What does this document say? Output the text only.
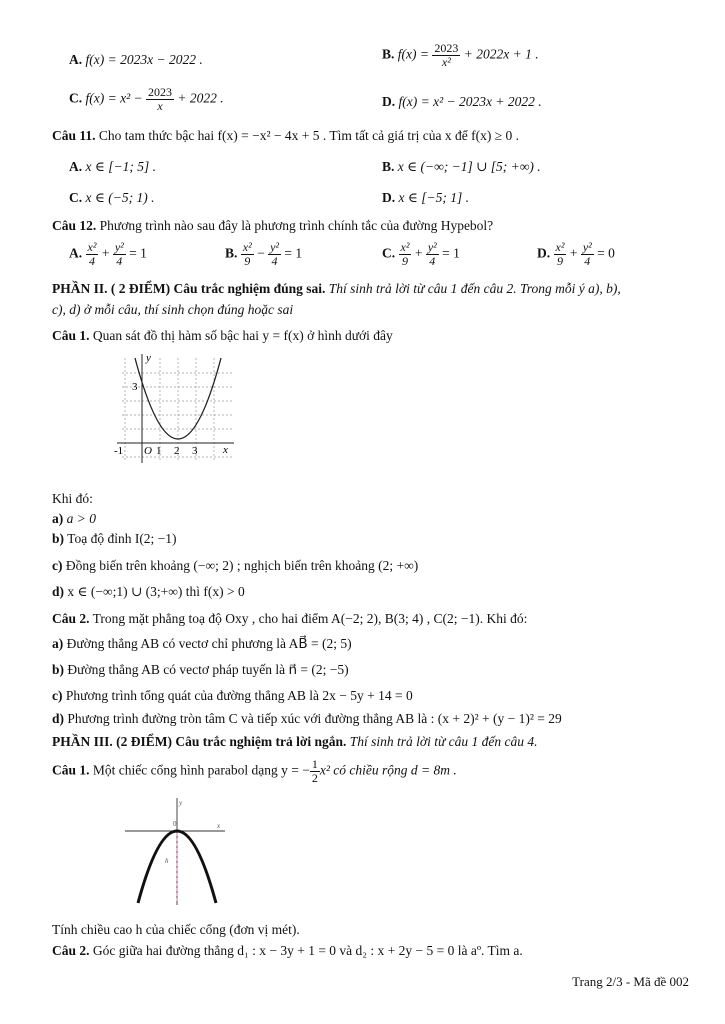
A. f(x) = 2023x − 2022 .	B. $f(x) = \frac{2023}{\text{x²}} + 2022x + 1$ .
C. $f(x) = x^2 - \frac{2023}{x} + 2022$ .	D. f(x) = x² − 2023x + 2022 .
Câu 11. Cho tam thức bậc hai f(x) = −x² − 4x + 5 . Tìm tất cả giá trị của x để f(x) ≥ 0 .
A. x ∈ [−1; 5] .	B. x ∈ (−∞; −1] ∪ [5; +∞) .
C. x ∈ (−5; 1) .	D. x ∈ [−5; 1] .
Câu 12. Phương trình nào sau đây là phương trình chính tắc của đường Hypebol?
A. $\frac{\text{x²}}{4} + \frac{\text{y²}}{4} = 1$	B. $\frac{\text{x²}}{9} - \frac{\text{y²}}{4} = 1$	C. $\frac{\text{x²}}{9} + \frac{\text{y²}}{4} = 1$	D. $\frac{\text{x²}}{9} + \frac{\text{y²}}{4} = 0$
PHẦN II. ( 2 ĐIỂM) Câu trắc nghiệm đúng sai. Thí sinh trả lời từ câu 1 đến câu 2. Trong mỗi ý a), b),
c), d) ở mỗi câu, thí sinh chọn đúng hoặc sai
Câu 1. Quan sát đồ thị hàm số bậc hai y = f(x) ở hình dưới đây
y
x
3
-1 O 1 2 3
Khi đó:
a) a > 0
b) Toạ độ đỉnh I(2; −1)
c) Đồng biến trên khoảng (−∞; 2) ; nghịch biến trên khoảng (2; +∞)
d) x ∈ (−∞;1) ∪ (3;+∞) thì f(x) > 0
Câu 2. Trong mặt phẳng toạ độ Oxy , cho hai điểm A(−2; 2), B(3; 4) , C(2; −1). Khi đó:
a) Đường thẳng AB có vectơ chỉ phương là AB⃗ = (2; 5)
b) Đường thẳng AB có vectơ pháp tuyến là n⃗ = (2; −5)
c) Phương trình tổng quát của đường thẳng AB là 2x − 5y + 14 = 0
d) Phương trình đường tròn tâm C và tiếp xúc với đường thẳng AB là : (x + 2)² + (y − 1)² = 29
PHẦN III. (2 ĐIỂM) Câu trắc nghiệm trả lời ngắn. Thí sinh trả lời từ câu 1 đến câu 4.
Câu 1. Một chiếc cổng hình parabol dạng y = − $\frac{1}{2} x^2$ có chiều rộng d = 8m .
y
x
0
h
Tính chiều cao h của chiếc cổng (đơn vị mét).
Câu 2. Góc giữa hai đường thẳng d₁ : x − 3y + 1 = 0 và d₂ : x + 2y − 5 = 0 là aº. Tìm a.
Trang 2/3 - Mã đề 002
